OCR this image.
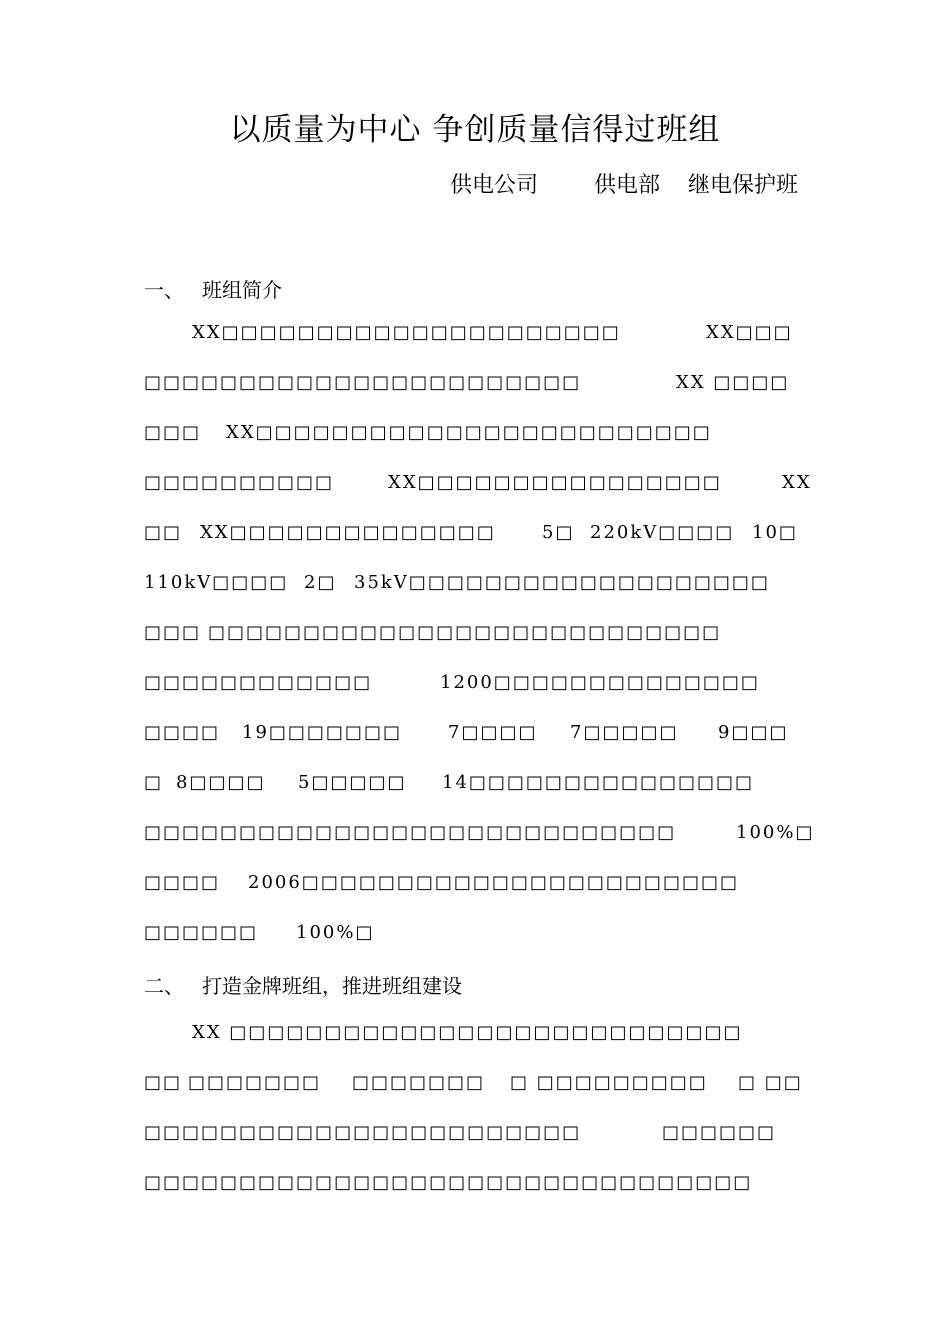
以质量为中心 争创质量信得过班组
供电公司	供电部 继电保护班
一、 班组简介
XX□□□□□□□□□□□□□□□□□□□□□	XX□□□
□□□□□□□□□□□□□□□□□□□□□□□	XX □□□□
□□□ XX□□□□□□□□□□□□□□□□□□□□□□□□
□□□□□□□□□□	XX□□□□□□□□□□□□□□□□	XX
□□ XX□□□□□□□□□□□□□□	5□ 220kV□□□□ 10□
110kV□□□□ 2□ 35kV□□□□□□□□□□□□□□□□□□□
□□□ □□□□□□□□□□□□□□□□□□□□□□□□□□□
□□□□□□□□□□□□	1200□□□□□□□□□□□□□□
□□□□ 19□□□□□□□	7□□□□ 7□□□□□ 9□□□
□ 8□□□□ 5□□□□□ 14□□□□□□□□□□□□□□□
□□□□□□□□□□□□□□□□□□□□□□□□□□□□	100%□
□□□□ 2006□□□□□□□□□□□□□□□□□□□□□□□
□□□□□□ 100%□
二、 打造金牌班组，推进班组建设
XX □□□□□□□□□□□□□□□□□□□□□□□□□□□
□□ □□□□□□□ □□□□□□□ □ □□□□□□□□□ □ □□
□□□□□□□□□□□□□□□□□□□□□□□	□□□□□□
□□□□□□□□□□□□□□□□□□□□□□□□□□□□□□□□
